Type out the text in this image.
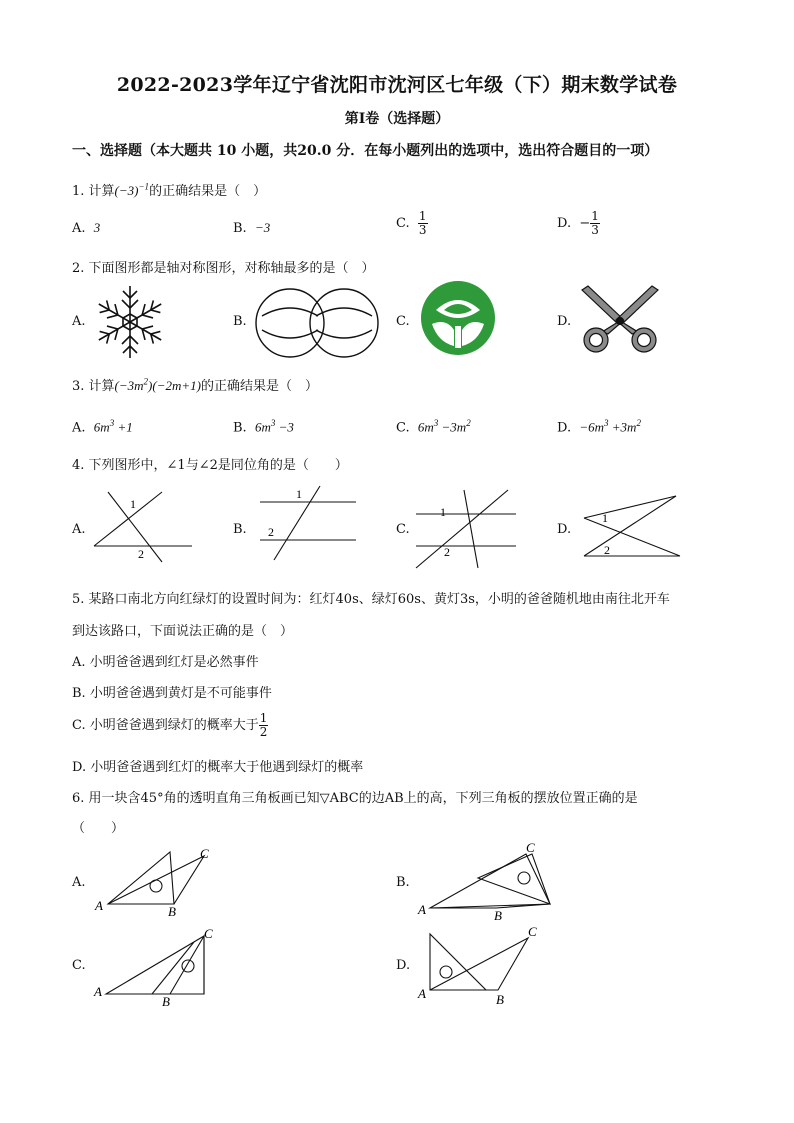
2022-2023学年辽宁省沈阳市沈河区七年级（下）期末数学试卷
第I卷（选择题）
一、选择题（本大题共 10 小题，共20.0 分．在每小题列出的选项中，选出符合题目的一项）
1. 计算$(-3)^{-1}$的正确结果是（　）
A. 3	B. −3	C. $\frac{1}{3}$	D. − $\frac{1}{3}$
2. 下面图形都是轴对称图形，对称轴最多的是（　）
A.	B.	C.	D.
3. 计算$(-3m^2)(-2m+1)$的正确结果是（　）
A. $6m^3 +1$	B. $6m^3 -3$	C. $6m^3 -3m^2$	D. $-6m^3 +3m^2$
4. 下列图形中，∠1与∠2是同位角的是（　　）
A.	B.	C.	D.
1
2
1
2
1
2
1
2
5. 某路口南北方向红绿灯的设置时间为：红灯40s、绿灯60s、黄灯3s，小明的爸爸随机地由南往北开车
到达该路口，下面说法正确的是（　）
A. 小明爸爸遇到红灯是必然事件
B. 小明爸爸遇到黄灯是不可能事件
C. 小明爸爸遇到绿灯的概率大于 $\frac{1}{2}$
D. 小明爸爸遇到红灯的概率大于他遇到绿灯的概率
6. 用一块含45°角的透明直角三角板画已知▽ABC的边AB上的高，下列三角板的摆放位置正确的是
（　　）
A.	B.
C.	D.
A	B
C
A	B
C
A
B
C
A	B
C
